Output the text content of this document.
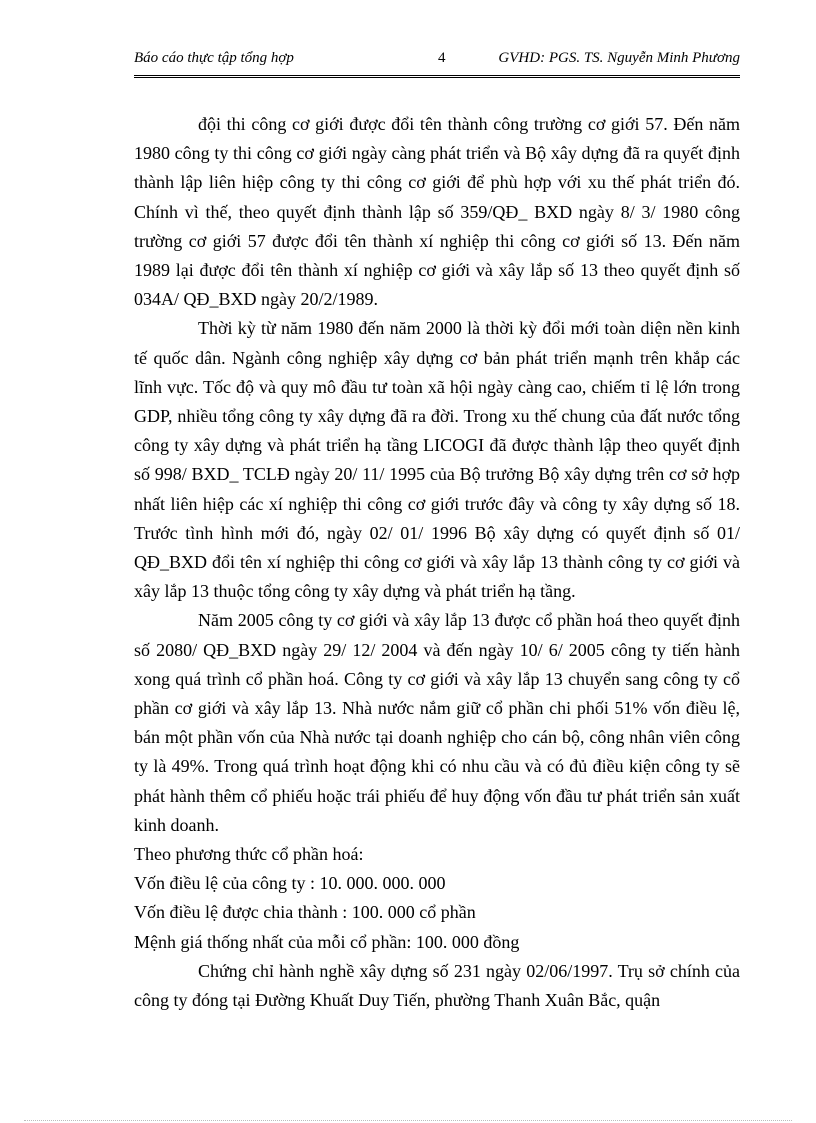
Báo cáo thực tập tổng hợp	4	GVHD: PGS. TS. Nguyễn Minh Phương

đội thi công cơ giới được đổi tên thành công trường cơ giới 57. Đến năm 1980 công ty thi công cơ giới ngày càng phát triển và Bộ xây dựng đã ra quyết định thành lập liên hiệp công ty thi công cơ giới để phù hợp với xu thế phát triển đó. Chính vì thế, theo quyết định thành lập số 359/QĐ_ BXD ngày 8/ 3/ 1980 công trường cơ giới 57 được đổi tên thành xí nghiệp thi công cơ giới số 13. Đến năm 1989 lại được đổi tên thành xí nghiệp cơ giới và xây lắp số 13 theo quyết định số 034A/ QĐ_BXD ngày 20/2/1989.

Thời kỳ từ năm 1980 đến năm 2000 là thời kỳ đổi mới toàn diện nền kinh tế quốc dân. Ngành công nghiệp xây dựng cơ bản phát triển mạnh trên khắp các lĩnh vực. Tốc độ và quy mô đầu tư toàn xã hội ngày càng cao, chiếm tỉ lệ lớn trong GDP, nhiều tổng công ty xây dựng đã ra đời. Trong xu thế chung của đất nước tổng công ty xây dựng và phát triển hạ tầng LICOGI đã được thành lập theo quyết định số 998/ BXD_ TCLĐ ngày 20/ 11/ 1995 của Bộ trưởng Bộ xây dựng trên cơ sở hợp nhất liên hiệp các xí nghiệp thi công cơ giới trước đây và công ty xây dựng số 18. Trước tình hình mới đó, ngày 02/ 01/ 1996 Bộ xây dựng có quyết định số 01/ QĐ_BXD đổi tên xí nghiệp thi công cơ giới và xây lắp 13 thành công ty cơ giới và xây lắp 13 thuộc tổng công ty xây dựng và phát triển hạ tầng.

Năm 2005 công ty cơ giới và xây lắp 13 được cổ phần hoá theo quyết định số 2080/ QĐ_BXD ngày 29/ 12/ 2004 và đến ngày 10/ 6/ 2005 công ty tiến hành xong quá trình cổ phần hoá. Công ty cơ giới và xây lắp 13 chuyển sang công ty cổ phần cơ giới và xây lắp 13. Nhà nước nắm giữ cổ phần chi phối 51% vốn điều lệ, bán một phần vốn của Nhà nước tại doanh nghiệp cho cán bộ, công nhân viên công ty là 49%. Trong quá trình hoạt động khi có nhu cầu và có đủ điều kiện công ty sẽ phát hành thêm cổ phiếu hoặc trái phiếu để huy động vốn đầu tư phát triển sản xuất kinh doanh.

Theo phương thức cổ phần hoá:

Vốn điều lệ của công ty : 10. 000. 000. 000

Vốn điều lệ được chia thành : 100. 000 cổ phần

Mệnh giá thống nhất của mỗi cổ phần: 100. 000 đồng

Chứng chỉ hành nghề xây dựng số 231 ngày 02/06/1997. Trụ sở chính của công ty đóng tại Đường Khuất Duy Tiến, phường Thanh Xuân Bắc, quận
